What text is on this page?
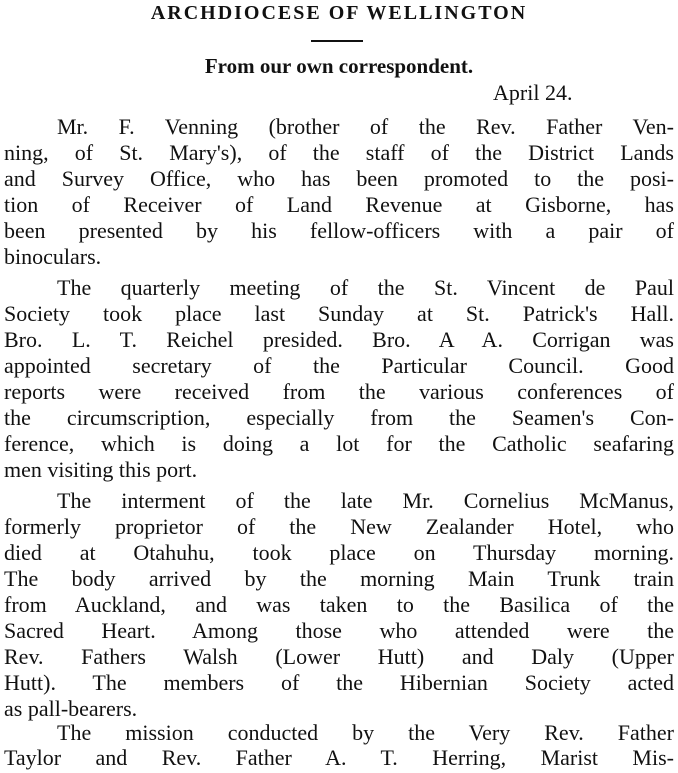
ARCHDIOCESE OF WELLINGTON
From our own correspondent.
April 24.
Mr. F. Venning (brother of the Rev. Father Ven-
ning, of St. Mary's), of the staff of the District Lands
and Survey Office, who has been promoted to the posi-
tion of Receiver of Land Revenue at Gisborne, has
been presented by his fellow-officers with a pair of
binoculars.
The quarterly meeting of the St. Vincent de Paul
Society took place last Sunday at St. Patrick's Hall.
Bro. L. T. Reichel presided. Bro. A A. Corrigan was
appointed secretary of the Particular Council. Good
reports were received from the various conferences of
the circumscription, especially from the Seamen's Con-
ference, which is doing a lot for the Catholic seafaring
men visiting this port.
The interment of the late Mr. Cornelius McManus,
formerly proprietor of the New Zealander Hotel, who
died at Otahuhu, took place on Thursday morning.
The body arrived by the morning Main Trunk train
from Auckland, and was taken to the Basilica of the
Sacred Heart. Among those who attended were the
Rev. Fathers Walsh (Lower Hutt) and Daly (Upper
Hutt). The members of the Hibernian Society acted
as pall-bearers.
The mission conducted by the Very Rev. Father
Taylor and Rev. Father A. T. Herring, Marist Mis-
